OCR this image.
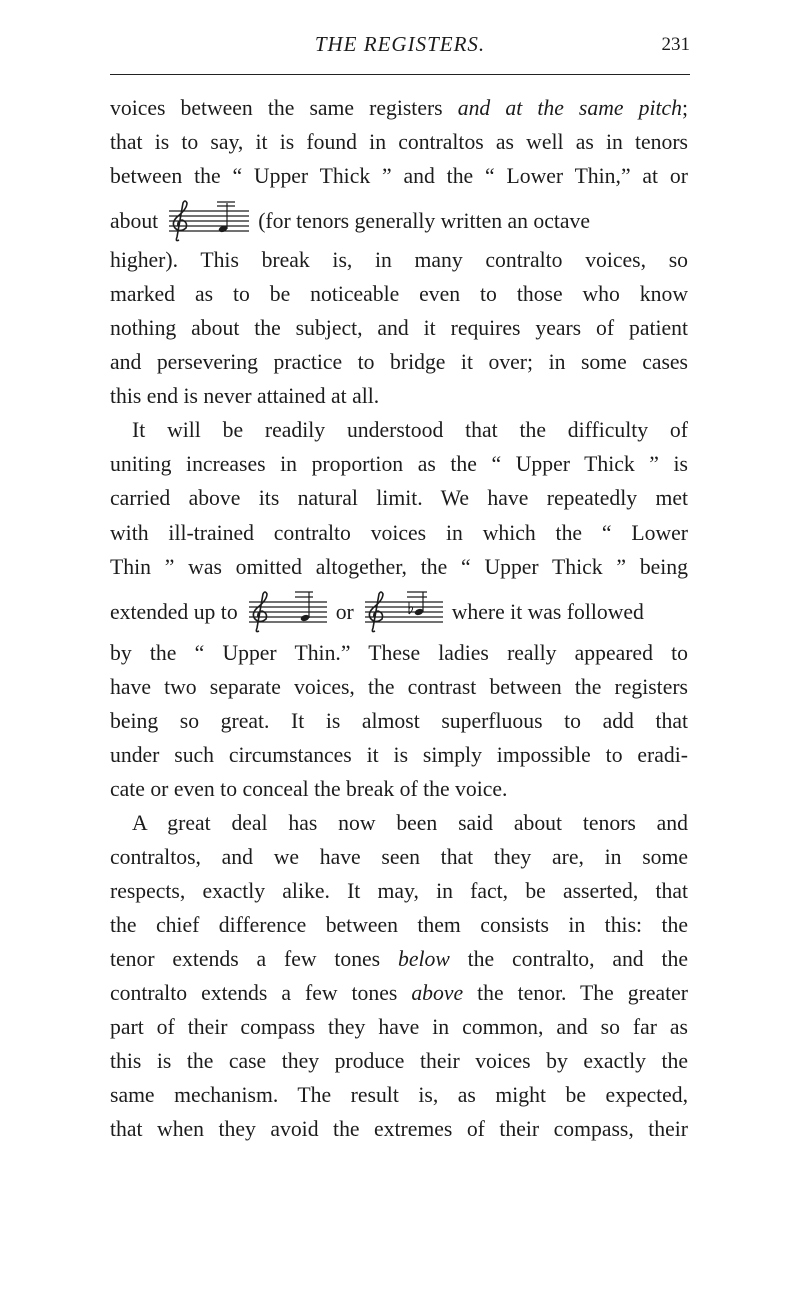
THE REGISTERS.	231
voices between the same registers and at the same pitch;
that is to say, it is found in contraltos as well as in tenors
between the “ Upper Thick ” and the “ Lower Thin,” at or
about	(for tenors generally written an octave
higher). This break is, in many contralto voices, so
marked as to be noticeable even to those who know
nothing about the subject, and it requires years of patient
and persevering practice to bridge it over; in some cases
this end is never attained at all.
It will be readily understood that the difficulty of
uniting increases in proportion as the “ Upper Thick ” is
carried above its natural limit. We have repeatedly met
with ill-trained contralto voices in which the “ Lower
Thin ” was omitted altogether, the “ Upper Thick ” being
extended up to	or	where it was followed
by the “ Upper Thin.” These ladies really appeared to
have two separate voices, the contrast between the registers
being so great. It is almost superfluous to add that
under such circumstances it is simply impossible to eradi-
cate or even to conceal the break of the voice.
A great deal has now been said about tenors and
contraltos, and we have seen that they are, in some
respects, exactly alike. It may, in fact, be asserted, that
the chief difference between them consists in this: the
tenor extends a few tones below the contralto, and the
contralto extends a few tones above the tenor. The greater
part of their compass they have in common, and so far as
this is the case they produce their voices by exactly the
same mechanism. The result is, as might be expected,
that when they avoid the extremes of their compass, their
